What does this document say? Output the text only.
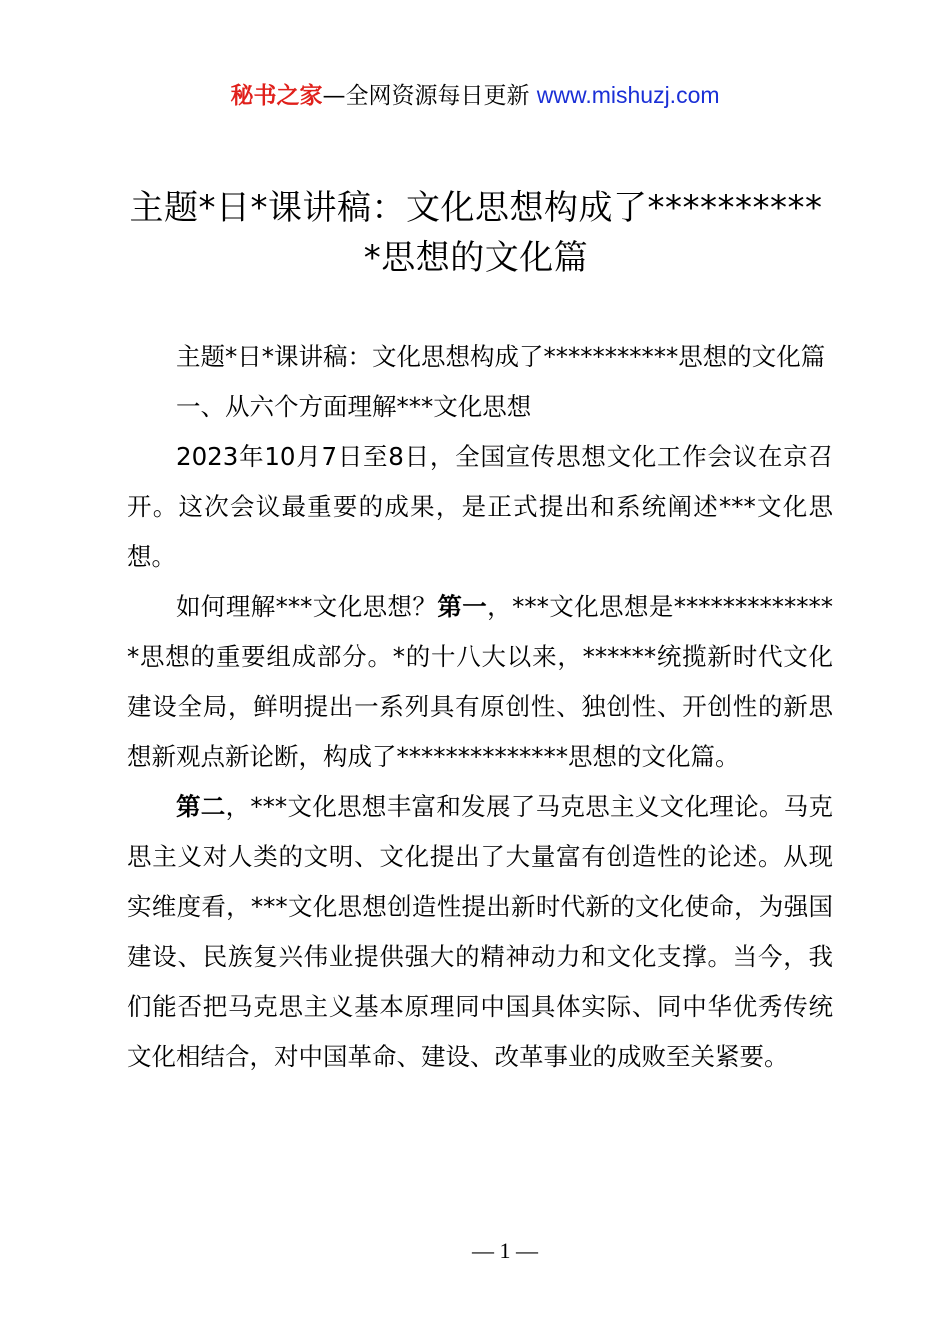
秘书之家—全网资源每日更新 www.mishuzj.com
主题*日*课讲稿：文化思想构成了**********
*思想的文化篇

主题*日*课讲稿：文化思想构成了***********思想的文化篇

一、从六个方面理解***文化思想

2023年10月7日至8日，全国宣传思想文化工作会议在京召开。这次会议最重要的成果，是正式提出和系统阐述***文化思想。

如何理解***文化思想？第一，***文化思想是**************思想的重要组成部分。*的十八大以来，******统揽新时代文化建设全局，鲜明提出一系列具有原创性、独创性、开创性的新思想新观点新论断，构成了**************思想的文化篇。

第二，***文化思想丰富和发展了马克思主义文化理论。马克思主义对人类的文明、文化提出了大量富有创造性的论述。从现实维度看，***文化思想创造性提出新时代新的文化使命，为强国建设、民族复兴伟业提供强大的精神动力和文化支撑。当今，我们能否把马克思主义基本原理同中国具体实际、同中华优秀传统文化相结合，对中国革命、建设、改革事业的成败至关紧要。

— 1 —
